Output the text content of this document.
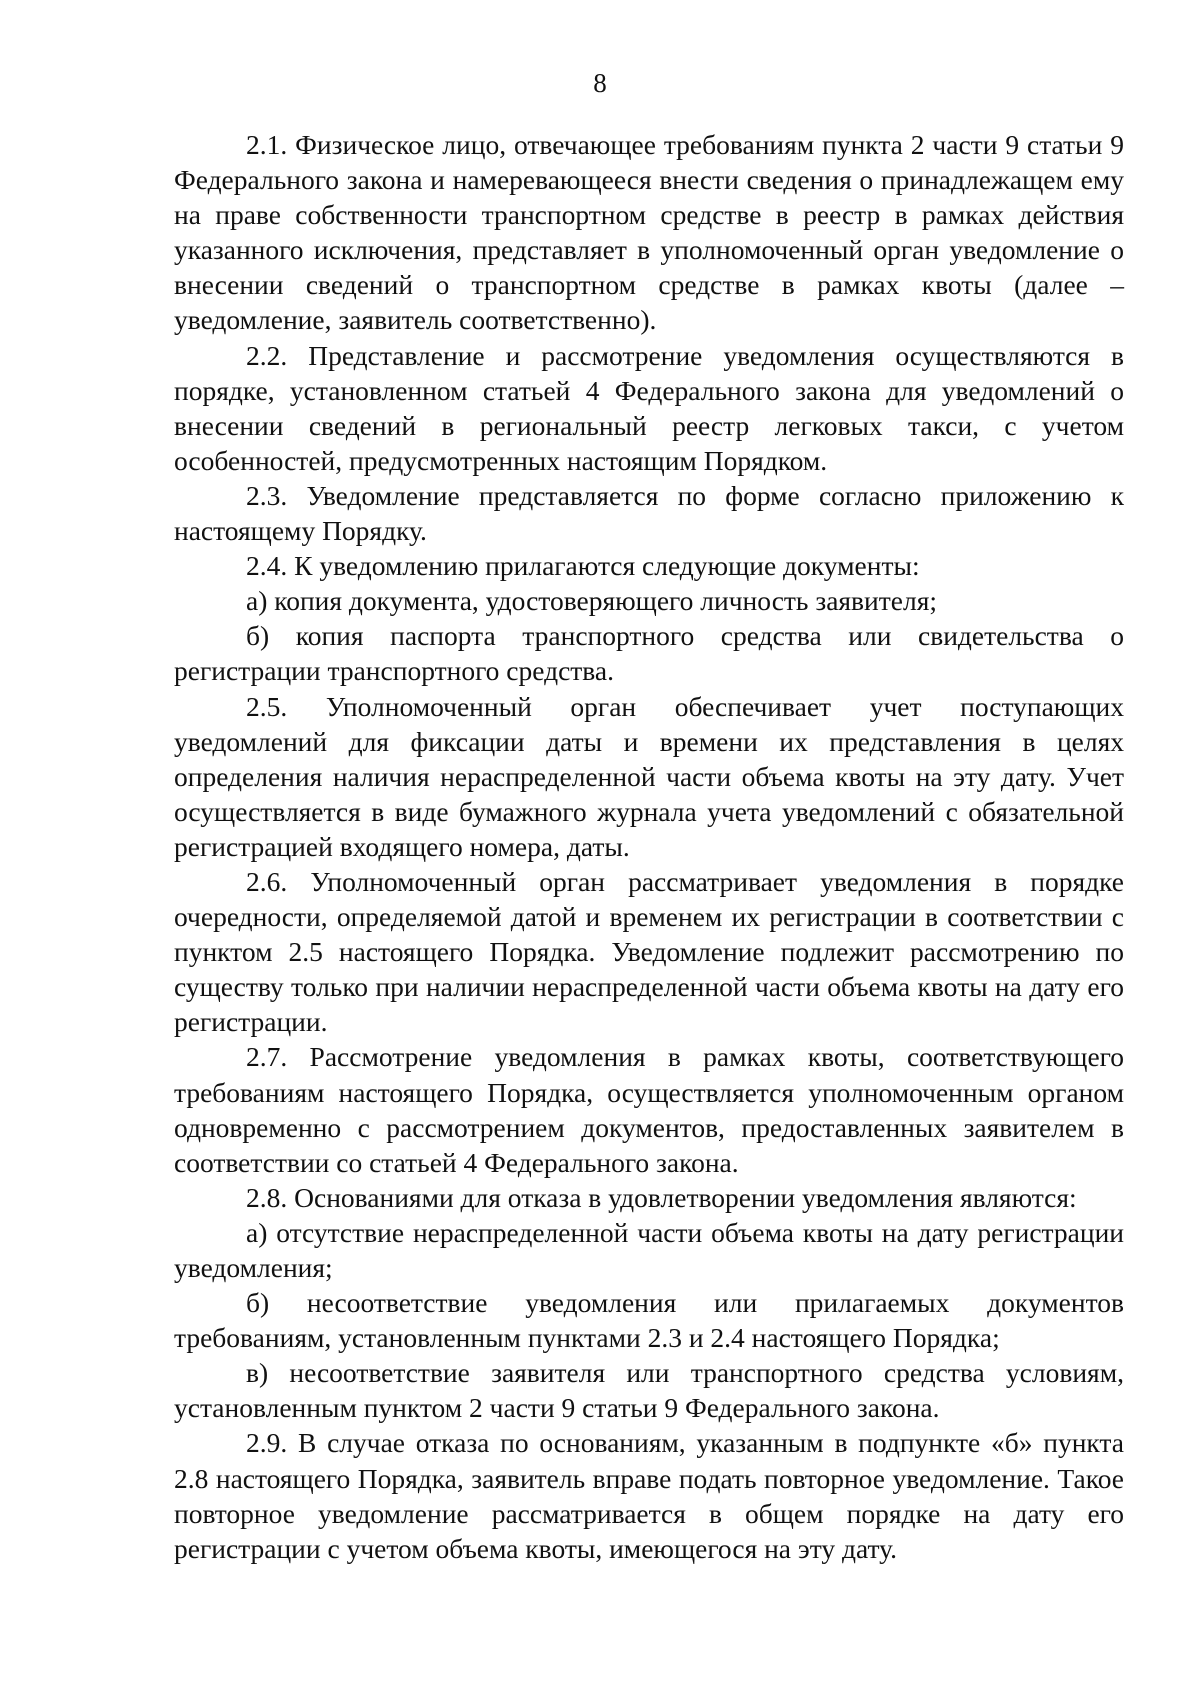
8

2.1. Физическое лицо, отвечающее требованиям пункта 2 части 9 статьи 9 Федерального закона и намеревающееся внести сведения о принадлежащем ему на праве собственности транспортном средстве в реестр в рамках действия указанного исключения, представляет в уполномоченный орган уведомление о внесении сведений о транспортном средстве в рамках квоты (далее – уведомление, заявитель соответственно).

2.2. Представление и рассмотрение уведомления осуществляются в порядке, установленном статьей 4 Федерального закона для уведомлений о внесении сведений в региональный реестр легковых такси, с учетом особенностей, предусмотренных настоящим Порядком.

2.3. Уведомление представляется по форме согласно приложению к настоящему Порядку.

2.4. К уведомлению прилагаются следующие документы:

а) копия документа, удостоверяющего личность заявителя;

б) копия паспорта транспортного средства или свидетельства о регистрации транспортного средства.

2.5. Уполномоченный орган обеспечивает учет поступающих уведомлений для фиксации даты и времени их представления в целях определения наличия нераспределенной части объема квоты на эту дату. Учет осуществляется в виде бумажного журнала учета уведомлений с обязательной регистрацией входящего номера, даты.

2.6. Уполномоченный орган рассматривает уведомления в порядке очередности, определяемой датой и временем их регистрации в соответствии с пунктом 2.5 настоящего Порядка. Уведомление подлежит рассмотрению по существу только при наличии нераспределенной части объема квоты на дату его регистрации.

2.7. Рассмотрение уведомления в рамках квоты, соответствующего требованиям настоящего Порядка, осуществляется уполномоченным органом одновременно с рассмотрением документов, предоставленных заявителем в соответствии со статьей 4 Федерального закона.

2.8. Основаниями для отказа в удовлетворении уведомления являются:

а) отсутствие нераспределенной части объема квоты на дату регистрации уведомления;

б) несоответствие уведомления или прилагаемых документов требованиям, установленным пунктами 2.3 и 2.4 настоящего Порядка;

в) несоответствие заявителя или транспортного средства условиям, установленным пунктом 2 части 9 статьи 9 Федерального закона.

2.9. В случае отказа по основаниям, указанным в подпункте «б» пункта 2.8 настоящего Порядка, заявитель вправе подать повторное уведомление. Такое повторное уведомление рассматривается в общем порядке на дату его регистрации с учетом объема квоты, имеющегося на эту дату.
